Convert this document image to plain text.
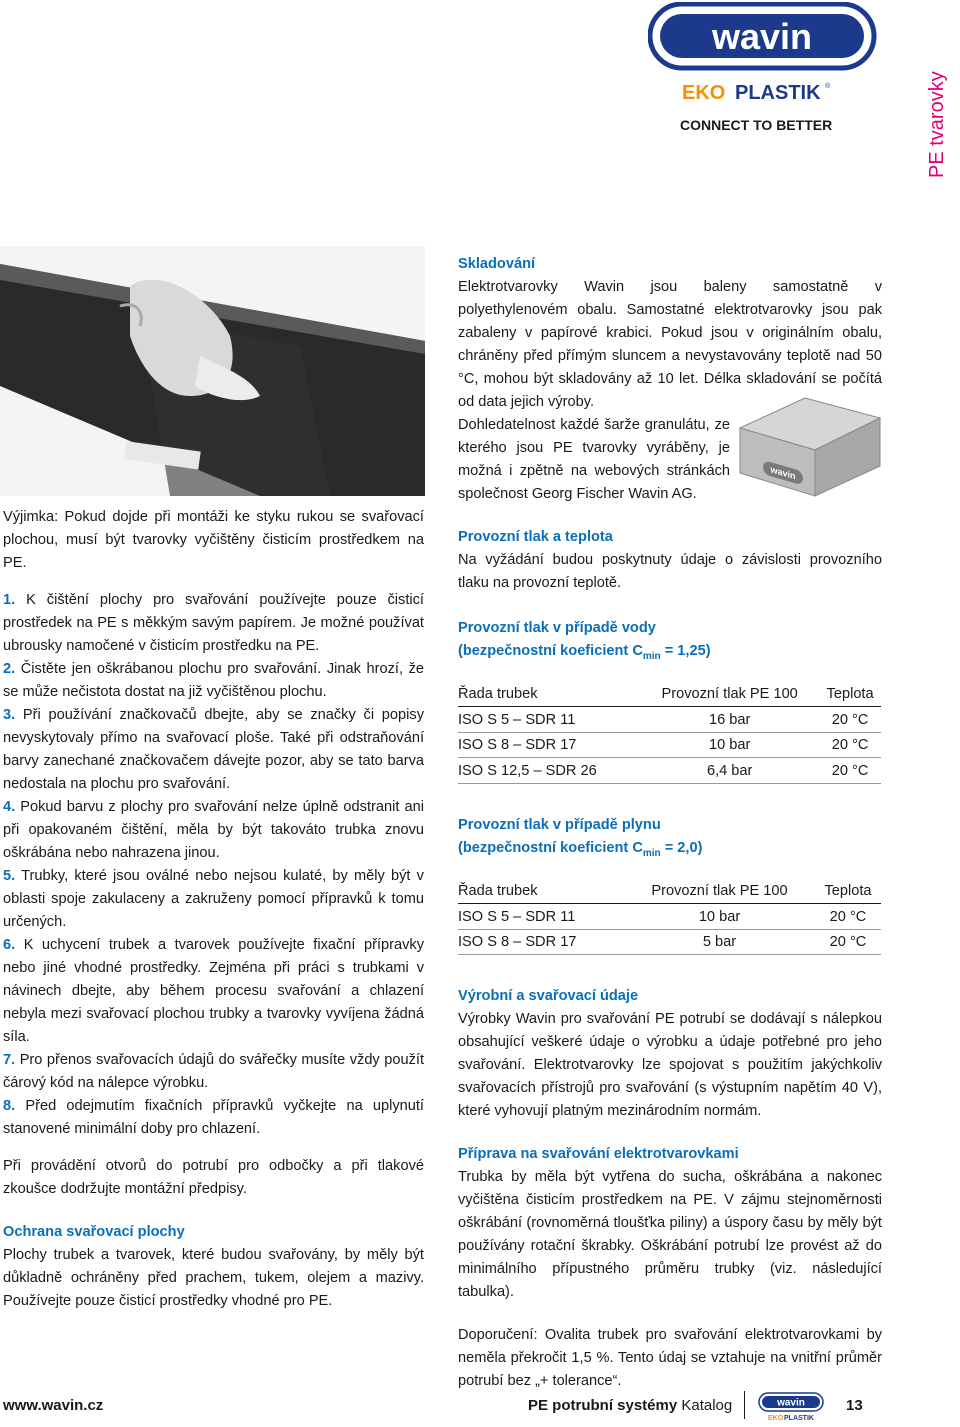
wavin
EKO PLASTIK ®
CONNECT TO BETTER	PE tvarovky

Výjimka: Pokud dojde při montáži ke styku rukou se svařovací plochou, musí být tvarovky vyčištěny čisticím prostředkem na PE.

1. K čištění plochy pro svařování používejte pouze čisticí prostředek na PE s měkkým savým papírem. Je možné používat ubrousky namočené v čisticím prostředku na PE.

2. Čistěte jen oškrábanou plochu pro svařování. Jinak hrozí, že se může nečistota dostat na již vyčištěnou plochu.

3. Při používání značkovačů dbejte, aby se značky či popisy nevyskytovaly přímo na svařovací ploše. Také při odstraňování barvy zanechané značkovačem dávejte pozor, aby se tato barva nedostala na plochu pro svařování.

4. Pokud barvu z plochy pro svařování nelze úplně odstranit ani při opakovaném čištění, měla by být takováto trubka znovu oškrábána nebo nahrazena jinou.

5. Trubky, které jsou oválné nebo nejsou kulaté, by měly být v oblasti spoje zakulaceny a zakruženy pomocí přípravků k tomu určených.

6. K uchycení trubek a tvarovek používejte fixační přípravky nebo jiné vhodné prostředky. Zejména při práci s trubkami v návinech dbejte, aby během procesu svařování a chlazení nebyla mezi svařovací plochou trubky a tvarovky vyvíjena žádná síla.

7. Pro přenos svařovacích údajů do svářečky musíte vždy použít čárový kód na nálepce výrobku.

8. Před odejmutím fixačních přípravků vyčkejte na uplynutí stanovené minimální doby pro chlazení.

Při provádění otvorů do potrubí pro odbočky a při tlakové zkoušce dodržujte montážní předpisy.

Ochrana svařovací plochy

Plochy trubek a tvarovek, které budou svařovány, by měly být důkladně ochráněny před prachem, tukem, olejem a mazivy. Používejte pouze čisticí prostředky vhodné pro PE.

Skladování

Elektrotvarovky Wavin jsou baleny samostatně v polyethylenovém obalu. Samostatné elektrotvarovky jsou pak zabaleny v papírové krabici. Pokud jsou v originálním obalu, chráněny před přímým sluncem a nevystavovány teplotě nad 50 °C, mohou být skladovány až 10 let. Délka skladování se počítá od data jejich výroby.

Dohledatelnost každé šarže granulátu, ze kterého jsou PE tvarovky vyráběny, je možná i zpětně na webových stránkách společnost Georg Fischer Wavin AG.

Provozní tlak a teplota

Na vyžádání budou poskytnuty údaje o závislosti provozního tlaku na provozní teplotě.

Provozní tlak v případě vody
(bezpečnostní koeficient $C_{min} = 1,25$)
Řada trubek	Provozní tlak PE 100	Teplota
ISO S 5 – SDR 11	16 bar	20 °C
ISO S 8 – SDR 17	10 bar	20 °C
ISO S 12,5 – SDR 26	6,4 bar	20 °C
Provozní tlak v případě plynu
(bezpečnostní koeficient $C_{min} = 2,0$)
Řada trubek	Provozní tlak PE 100	Teplota
ISO S 5 – SDR 11	10 bar	20 °C
ISO S 8 – SDR 17	5 bar	20 °C
Výrobní a svařovací údaje

Výrobky Wavin pro svařování PE potrubí se dodávají s nálepkou obsahující veškeré údaje o výrobku a údaje potřebné pro jeho svařování. Elektrotvarovky lze spojovat s použitím jakýchkoliv svařovacích přístrojů pro svařování (s výstupním napětím 40 V), které vyhovují platným mezinárodním normám.

Příprava na svařování elektrotvarovkami

Trubka by měla být vytřena do sucha, oškrábána a nakonec vyčištěna čisticím prostředkem na PE. V zájmu stejnoměrnosti oškrábání (rovnoměrná tloušťka piliny) a úspory času by měly být používány rotační škrabky. Oškrábání potrubí lze provést až do minimálního přípustného průměru trubky (viz. následující tabulka).

Doporučení: Ovalita trubek pro svařování elektrotvarovkami by neměla překročit 1,5 %. Tento údaj se vztahuje na vnitřní průměr potrubí bez „+ tolerance“.

wavin
www.wavin.cz	PE potrubní systémy Katalog	wavin
EKO PLASTIK
13
